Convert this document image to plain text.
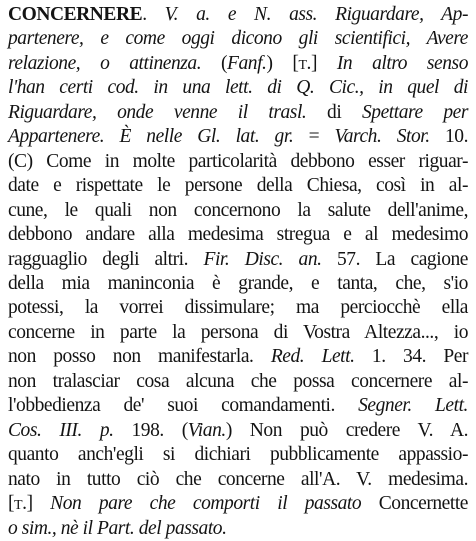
CONCERNERE. V. a. e N. ass. Riguardare, Ap-
partenere, e come oggi dicono gli scientifici, Avere
relazione, o attinenza. (Fanf.) [t.] In altro senso
l'han certi cod. in una lett. di Q. Cic., in quel di
Riguardare, onde venne il trasl. di Spettare per
Appartenere. È nelle Gl. lat. gr. = Varch. Stor. 10.
(C) Come in molte particolarità debbono esser riguar-
date e rispettate le persone della Chiesa, così in al-
cune, le quali non concernono la salute dell'anime,
debbono andare alla medesima stregua e al medesimo
ragguaglio degli altri. Fir. Disc. an. 57. La cagione
della mia maninconia è grande, e tanta, che, s'io
potessi, la vorrei dissimulare; ma perciocchè ella
concerne in parte la persona di Vostra Altezza..., io
non posso non manifestarla. Red. Lett. 1. 34. Per
non tralasciar cosa alcuna che possa concernere al-
l'obbedienza de' suoi comandamenti. Segner. Lett.
Cos. III. p. 198. (Vian.) Non può credere V. A.
quanto anch'egli si dichiari pubblicamente appassio-
nato in tutto ciò che concerne all'A. V. medesima.
[t.] Non pare che comporti il passato Concernette
o sim., nè il Part. del passato.
